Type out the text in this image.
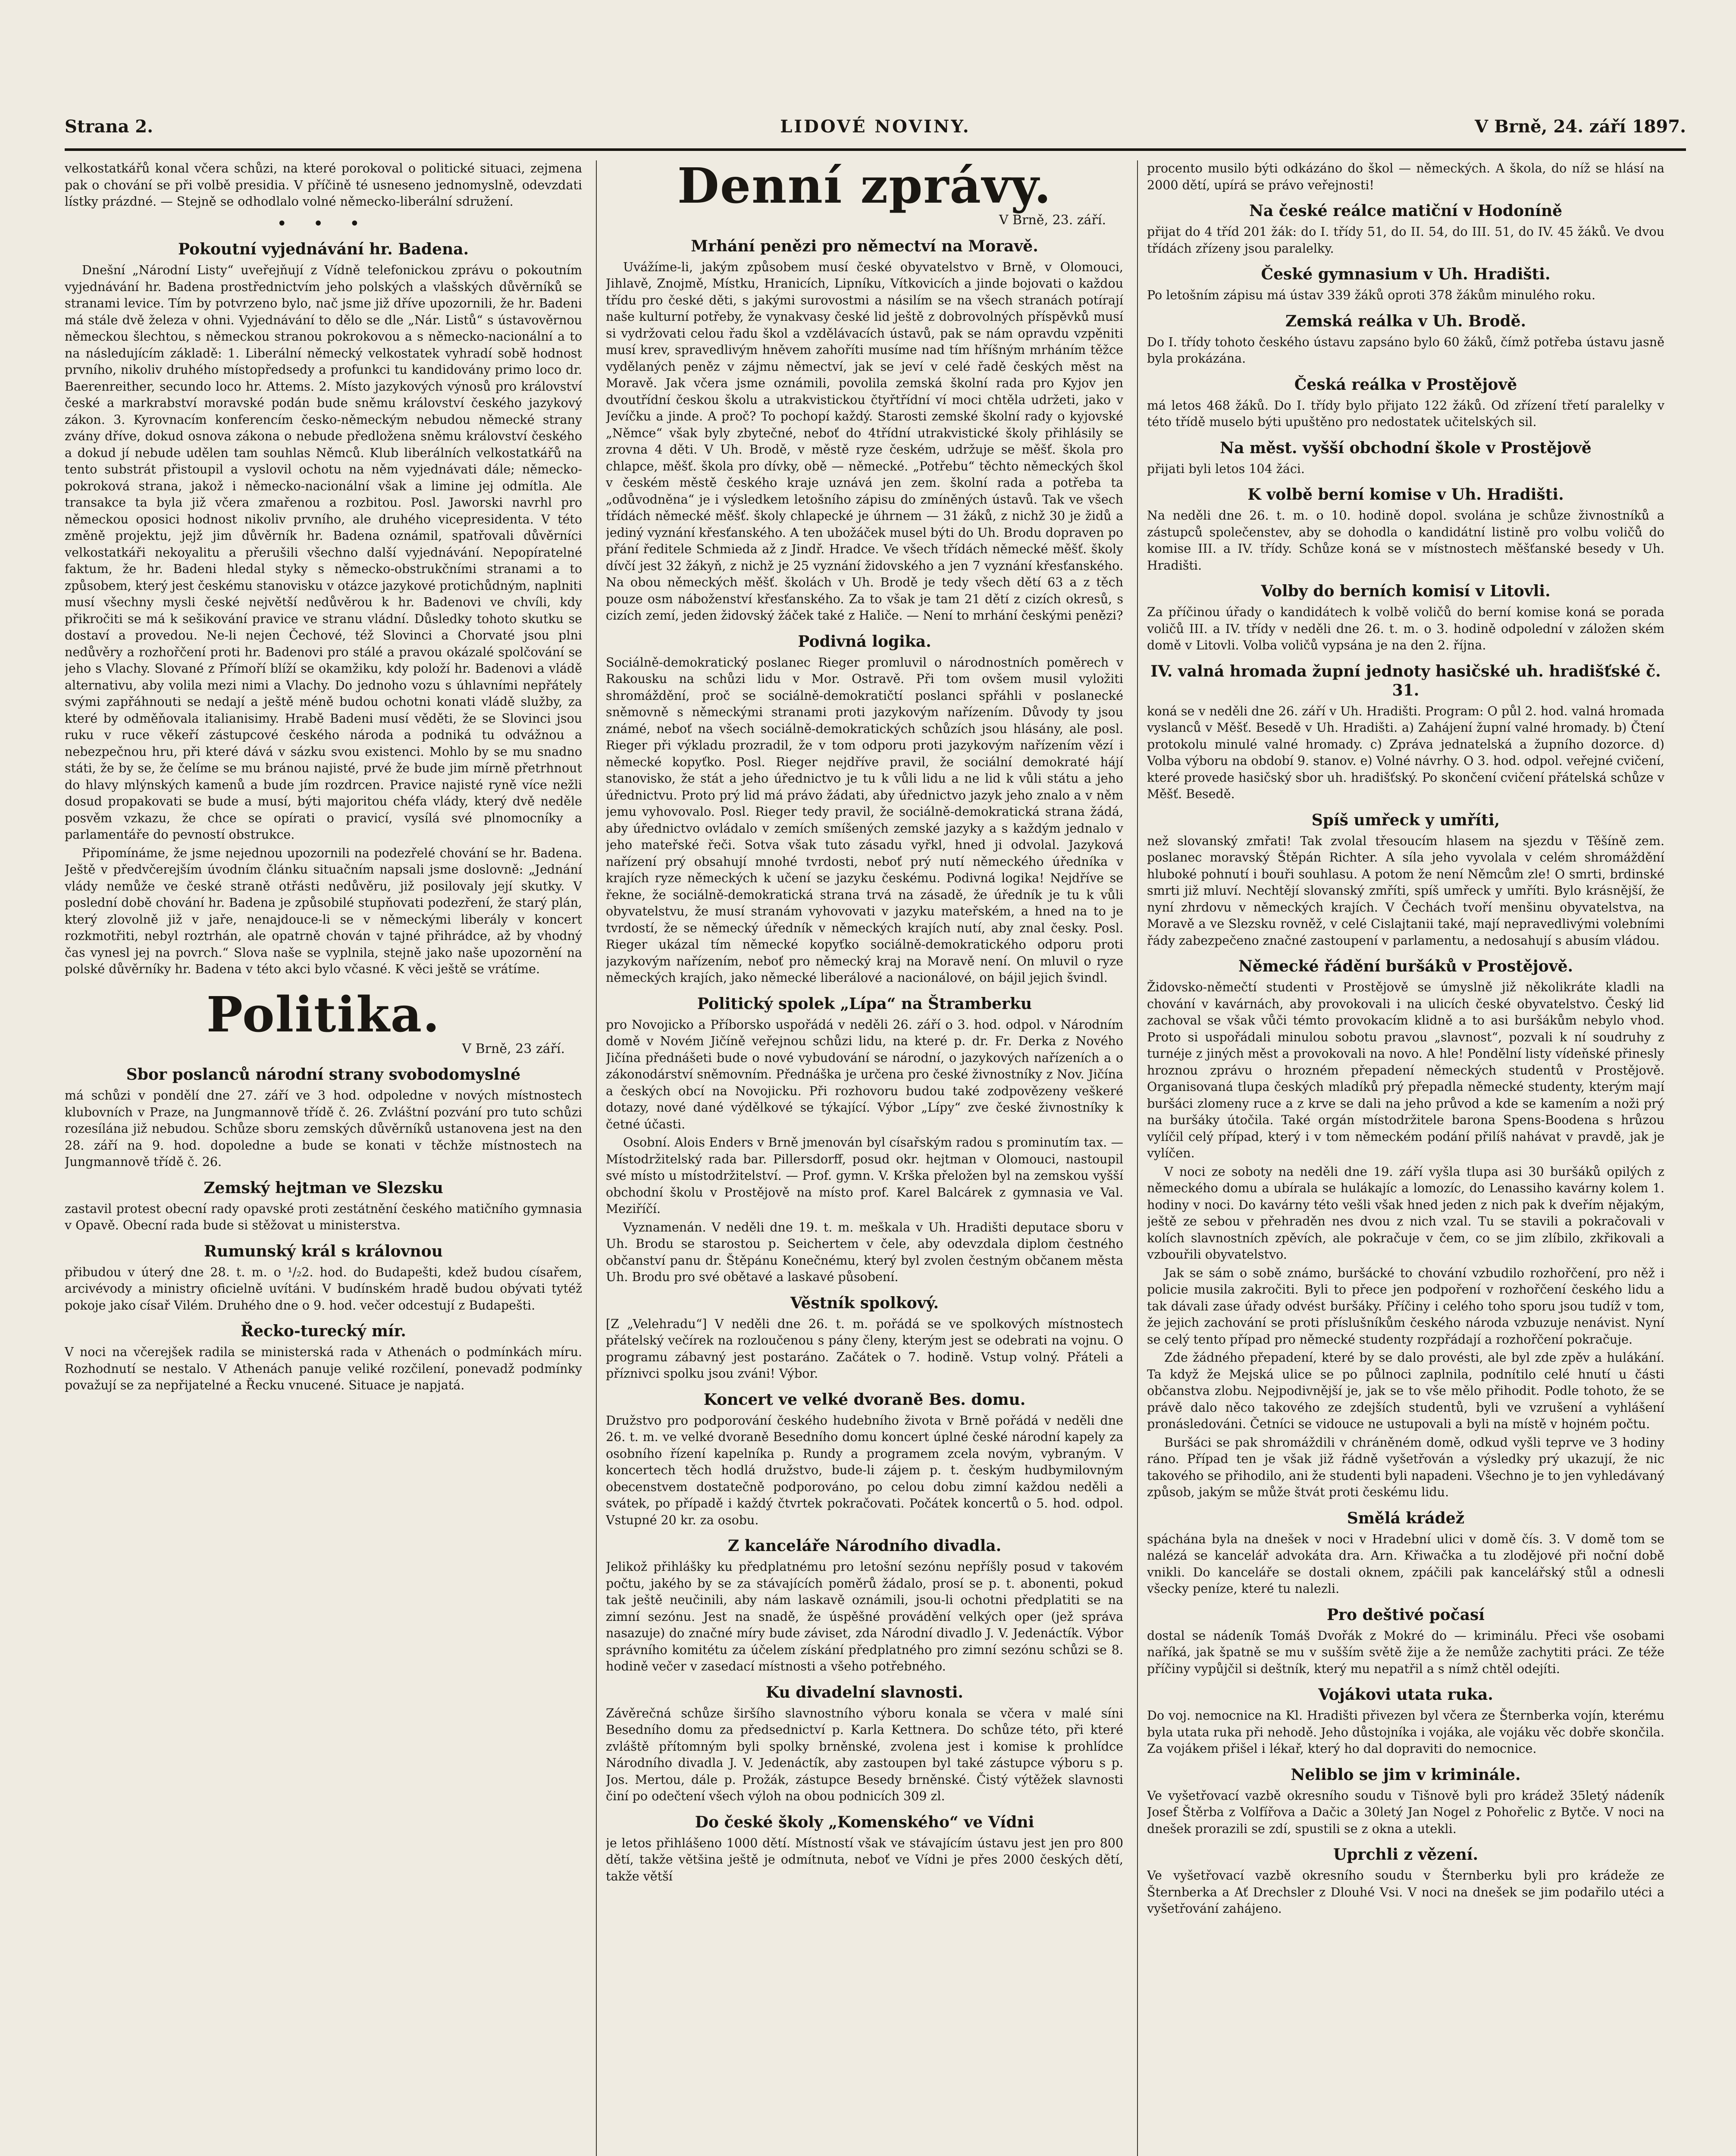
Strana 2.	LIDOVÉ NOVINY.	V Brně, 24. září 1897.

velkostatkářů konal včera schůzi, na které porokoval o politické situaci, zejmena pak o chování se při volbě presidia. V příčině té usneseno jednomyslně, odevzdati lístky prázdné. — Stejně se odhodlalo volné německo-liberální sdružení.

• • •
Pokoutní vyjednávání hr. Badena.

Dnešní „Národní Listy“ uveřejňují z Vídně telefonickou zprávu o pokoutním vyjednávání hr. Badena prostřednictvím jeho polských a vlašských důvěrníků se stranami levice. Tím by potvrzeno bylo, nač jsme již dříve upozornili, že hr. Badeni má stále dvě železa v ohni. Vyjednávání to dělo se dle „Nár. Listů“ s ústavověrnou německou šlechtou, s německou stranou pokrokovou a s německo-nacionální a to na následujícím základě: 1. Liberální německý velkostatek vyhradí sobě hodnost prvního, nikoliv druhého místopředsedy a profunkci tu kandidovány primo loco dr. Baerenreither, secundo loco hr. Attems. 2. Místo jazykových výnosů pro království české a markrabství moravské podán bude sněmu království českého jazykový zákon. 3. Kyrovnacím konferencím česko-německým nebudou německé strany zvány dříve, dokud osnova zákona o nebude předložena sněmu království českého a dokud jí nebude udělen tam souhlas Němců. Klub liberálních velkostatkářů na tento substrát přistoupil a vyslovil ochotu na něm vyjednávati dále; německo-pokroková strana, jakož i německo-nacionální však a limine jej odmítla. Ale transakce ta byla již včera zmařenou a rozbitou. Posl. Jaworski navrhl pro německou oposici hodnost nikoliv prvního, ale druhého vicepresidenta. V této změně projektu, jejž jim důvěrník hr. Badena oznámil, spatřovali důvěrníci velkostatkáři nekoyalitu a přerušili všechno další vyjednávání. Nepopíratelné faktum, že hr. Badeni hledal styky s německo-obstrukčními stranami a to způsobem, který jest českému stanovisku v otázce jazykové protichůdným, naplniti musí všechny mysli české největší nedůvěrou k hr. Badenovi ve chvíli, kdy přikročiti se má k sešikování pravice ve stranu vládní. Důsledky tohoto skutku se dostaví a provedou. Ne-li nejen Čechové, též Slovinci a Chorvaté jsou plni nedůvěry a rozhořčení proti hr. Badenovi pro stálé a pravou okázalé spolčování se jeho s Vlachy. Slované z Přímoří blíží se okamžiku, kdy položí hr. Badenovi a vládě alternativu, aby volila mezi nimi a Vlachy. Do jednoho vozu s úhlavními nepřátely svými zapřáhnouti se nedají a ještě méně budou ochotni konati vládě služby, za které by odměňovala italianisimy. Hrabě Badeni musí věděti, že se Slovinci jsou ruku v ruce věkeří zástupcové českého národa a podniká tu odvážnou a nebezpečnou hru, při které dává v sázku svou existenci. Mohlo by se mu snadno státi, že by se, že čelíme se mu bránou najisté, prvé že bude jim mírně přetrhnout do hlavy mlýnských kamenů a bude jím rozdrcen. Pravice najisté ryně více nežli dosud propakovati se bude a musí, býti majoritou chéfa vlády, který dvě neděle posvěm vzkazu, že chce se opírati o pravicí, vysílá své plnomocníky a parlamentáře do pevností obstrukce.

Připomínáme, že jsme nejednou upozornili na podezřelé chování se hr. Badena. Ještě v předvčerejším úvodním článku situačním napsali jsme doslovně: „Jednání vlády nemůže ve české straně otřásti nedůvěru, již posilovaly její skutky. V poslední době chování hr. Badena je způsobilé stupňovati podezření, že starý plán, který zlovolně již v jaře, nenajdouce-li se v německými liberály v koncert rozkmotřiti, nebyl roztrhán, ale opatrně chován v tajné přihrádce, až by vhodný čas vynesl jej na povrch.“ Slova naše se vyplnila, stejně jako naše upozornění na polské důvěrníky hr. Badena v této akci bylo včasné. K věci ještě se vrátíme.

Politika.
V Brně, 23 září.
Sbor poslanců národní strany svobodomyslné

má schůzi v pondělí dne 27. září ve 3 hod. odpoledne v nových místnostech klubovních v Praze, na Jungmannově třídě č. 26. Zvláštní pozvání pro tuto schůzi rozesílána již nebudou. Schůze sboru zemských důvěrníků ustanovena jest na den 28. září na 9. hod. dopoledne a bude se konati v těchže místnostech na Jungmannově třídě č. 26.

Zemský hejtman ve Slezsku

zastavil protest obecní rady opavské proti zestátnění českého matičního gymnasia v Opavě. Obecní rada bude si stěžovat u ministerstva.

Rumunský král s královnou

přibudou v úterý dne 28. t. m. o ¹/₂2. hod. do Budapešti, kdež budou císařem, arcivévody a ministry oficielně uvítáni. V budínském hradě budou obývati tytéž pokoje jako císař Vilém. Druhého dne o 9. hod. večer odcestují z Budapešti.

Řecko-turecký mír.

V noci na včerejšek radila se ministerská rada v Athenách o podmínkách míru. Rozhodnutí se nestalo. V Athenách panuje veliké rozčilení, ponevadž podmínky považují se za nepřijatelné a Řecku vnucené. Situace je napjatá.

Denní zprávy.
V Brně, 23. září.
Mrhání penězi pro němectví na Moravě.

Uvážíme-li, jakým způsobem musí české obyvatelstvo v Brně, v Olomouci, Jihlavě, Znojmě, Místku, Hranicích, Lipníku, Vítkovicích a jinde bojovati o každou třídu pro české děti, s jakými surovostmi a násilím se na všech stranách potírají naše kulturní potřeby, že vynakvasy české lid ještě z dobrovolných příspěvků musí si vydržovati celou řadu škol a vzdělávacích ústavů, pak se nám opravdu vzpěniti musí krev, spravedlivým hněvem zahoříti musíme nad tím hříšným mrháním těžce vydělaných peněz v zájmu němectví, jak se jeví v celé řadě českých měst na Moravě. Jak včera jsme oznámili, povolila zemská školní rada pro Kyjov jen dvoutřídní českou školu a utrakvistickou čtyřtřídní ví moci chtěla udržeti, jako v Jevíčku a jinde. A proč? To pochopí každý. Starosti zemské školní rady o kyjovské „Němce“ však byly zbytečné, neboť do 4třídní utrakvistické školy přihlásily se zrovna 4 děti. V Uh. Brodě, v městě ryze českém, udržuje se měšť. škola pro chlapce, měšť. škola pro dívky, obě — německé. „Potřebu“ těchto německých škol v českém městě českého kraje uznává jen zem. školní rada a potřeba ta „odůvodněna“ je i výsledkem letošního zápisu do zmíněných ústavů. Tak ve všech třídách německé měšť. školy chlapecké je úhrnem — 31 žáků, z nichž 30 je židů a jediný vyznání křesťanského. A ten ubožáček musel býti do Uh. Brodu dopraven po přání ředitele Schmieda až z Jindř. Hradce. Ve všech třídách německé měšť. školy dívčí jest 32 žákyň, z nichž je 25 vyznání židovského a jen 7 vyznání křesťanského. Na obou německých měšť. školách v Uh. Brodě je tedy všech dětí 63 a z těch pouze osm náboženství křesťanského. Za to však je tam 21 dětí z cizích okresů, s cizích zemí, jeden židovský žáček také z Haliče. — Není to mrhání českými penězi?

Podivná logika.

Sociálně-demokratický poslanec Rieger promluvil o národnostních poměrech v Rakousku na schůzi lidu v Mor. Ostravě. Při tom ovšem musil vyložiti shromáždění, proč se sociálně-demokratičtí poslanci spřáhli v poslanecké sněmovně s německými stranami proti jazykovým nařízením. Důvody ty jsou známé, neboť na všech sociálně-demokratických schůzích jsou hlásány, ale posl. Rieger při výkladu prozradil, že v tom odporu proti jazykovým nařízením vězí i německé kopyťko. Posl. Rieger nejdříve pravil, že sociální demokraté hájí stanovisko, že stát a jeho úřednictvo je tu k vůli lidu a ne lid k vůli státu a jeho úřednictvu. Proto prý lid má právo žádati, aby úřednictvo jazyk jeho znalo a v něm jemu vyhovovalo. Posl. Rieger tedy pravil, že sociálně-demokratická strana žádá, aby úřednictvo ovládalo v zemích smíšených zemské jazyky a s každým jednalo v jeho mateřské řeči. Sotva však tuto zásadu vyřkl, hned ji odvolal. Jazyková nařízení prý obsahují mnohé tvrdosti, neboť prý nutí německého úředníka v krajích ryze německých k učení se jazyku českému. Podivná logika! Nejdříve se řekne, že sociálně-demokratická strana trvá na zásadě, že úředník je tu k vůli obyvatelstvu, že musí stranám vyhovovati v jazyku mateřském, a hned na to je tvrdostí, že se německý úředník v německých krajích nutí, aby znal česky. Posl. Rieger ukázal tím německé kopyťko sociálně-demokratického odporu proti jazykovým nařízením, neboť pro německý kraj na Moravě není. On mluvil o ryze německých krajích, jako německé liberálové a nacionálové, on bájil jejich švindl.

Politický spolek „Lípa“ na Štramberku

pro Novojicko a Příborsko uspořádá v neděli 26. září o 3. hod. odpol. v Národním domě v Novém Jičíně veřejnou schůzi lidu, na které p. dr. Fr. Derka z Nového Jičína přednášeti bude o nové vybudování se národní, o jazykových nařízeních a o zákonodárství sněmovním. Přednáška je určena pro české živnostníky z Nov. Jičína a českých obcí na Novojicku. Při rozhovoru budou také zodpovězeny veškeré dotazy, nové dané výdělkové se týkající. Výbor „Lípy“ zve české živnostníky k četné účasti.

Osobní. Alois Enders v Brně jmenován byl císařským radou s prominutím tax. — Místodržitelský rada bar. Pillersdorff, posud okr. hejtman v Olomouci, nastoupil své místo u místodržitelství. — Prof. gymn. V. Krška přeložen byl na zemskou vyšší obchodní školu v Prostějově na místo prof. Karel Balcárek z gymnasia ve Val. Meziříčí.

Vyznamenán. V neděli dne 19. t. m. meškala v Uh. Hradišti deputace sboru v Uh. Brodu se starostou p. Seichertem v čele, aby odevzdala diplom čestného občanství panu dr. Štěpánu Konečnému, který byl zvolen čestným občanem města Uh. Brodu pro své obětavé a laskavé působení.

Věstník spolkový.

[Z „Velehradu“] V neděli dne 26. t. m. pořádá se ve spolkových místnostech přátelský večírek na rozloučenou s pány členy, kterým jest se odebrati na vojnu. O programu zábavný jest postaráno. Začátek o 7. hodině. Vstup volný. Přáteli a příznivci spolku jsou zváni! Výbor.

Koncert ve velké dvoraně Bes. domu.

Družstvo pro podporování českého hudebního života v Brně pořádá v neděli dne 26. t. m. ve velké dvoraně Besedního domu koncert úplné české národní kapely za osobního řízení kapelníka p. Rundy a programem zcela novým, vybraným. V koncertech těch hodlá družstvo, bude-li zájem p. t. českým hudbymilovným obecenstvem dostatečně podporováno, po celou dobu zimní každou neděli a svátek, po případě i každý čtvrtek pokračovati. Počátek koncertů o 5. hod. odpol. Vstupné 20 kr. za osobu.

Z kanceláře Národního divadla.

Jelikož přihlášky ku předplatnému pro letošní sezónu nepříšly posud v takovém počtu, jakého by se za stávajících poměrů žádalo, prosí se p. t. abonenti, pokud tak ještě neučinili, aby nám laskavě oznámili, jsou-li ochotni předplatiti se na zimní sezónu. Jest na snadě, že úspěšné provádění velkých oper (jež správa nasazuje) do značné míry bude záviset, zda Národní divadlo J. V. Jedenáctík. Výbor správního komitétu za účelem získání předplatného pro zimní sezónu schůzi se 8. hodině večer v zasedací místnosti a všeho potřebného.

Ku divadelní slavnosti.

Závěrečná schůze širšího slavnostního výboru konala se včera v malé síni Besedního domu za předsednictví p. Karla Kettnera. Do schůze této, při které zvláště přítomným byli spolky brněnské, zvolena jest i komise k prohlídce Národního divadla J. V. Jedenáctík, aby zastoupen byl také zástupce výboru s p. Jos. Mertou, dále p. Prožák, zástupce Besedy brněnské. Čistý výtěžek slavnosti činí po odečtení všech výloh na obou podnicích 309 zl.

Do české školy „Komenského“ ve Vídni

je letos přihlášeno 1000 dětí. Místností však ve stávajícím ústavu jest jen pro 800 dětí, takže většina ještě je odmítnuta, neboť ve Vídni je přes 2000 českých dětí, takže větší

procento musilo býti odkázáno do škol — německých. A škola, do níž se hlásí na 2000 dětí, upírá se právo veřejnosti!

Na české reálce matiční v Hodoníně

přijat do 4 tříd 201 žák: do I. třídy 51, do II. 54, do III. 51, do IV. 45 žáků. Ve dvou třídách zřízeny jsou paralelky.

České gymnasium v Uh. Hradišti.

Po letošním zápisu má ústav 339 žáků oproti 378 žákům minulého roku.

Zemská reálka v Uh. Brodě.

Do I. třídy tohoto českého ústavu zapsáno bylo 60 žáků, čímž potřeba ústavu jasně byla prokázána.

Česká reálka v Prostějově

má letos 468 žáků. Do I. třídy bylo přijato 122 žáků. Od zřízení třetí paralelky v této třídě muselo býti upuštěno pro nedostatek učitelských sil.

Na měst. vyšší obchodní škole v Prostějově

přijati byli letos 104 žáci.

K volbě berní komise v Uh. Hradišti.

Na neděli dne 26. t. m. o 10. hodině dopol. svolána je schůze živnostníků a zástupců společenstev, aby se dohodla o kandidátní listině pro volbu voličů do komise III. a IV. třídy. Schůze koná se v místnostech měšťanské besedy v Uh. Hradišti.

Volby do berních komisí v Litovli.

Za příčinou úřady o kandidátech k volbě voličů do berní komise koná se porada voličů III. a IV. třídy v neděli dne 26. t. m. o 3. hodině odpolední v záložen ském domě v Litovli. Volba voličů vypsána je na den 2. října.

IV. valná hromada župní jednoty hasičské uh. hradišťské č. 31.

koná se v neděli dne 26. září v Uh. Hradišti. Program: O půl 2. hod. valná hromada vyslanců v Měšť. Besedě v Uh. Hradišti. a) Zahájení župní valné hromady. b) Čtení protokolu minulé valné hromady. c) Zpráva jednatelská a župního dozorce. d) Volba výboru na období 9. stanov. e) Volné návrhy. O 3. hod. odpol. veřejné cvičení, které provede hasičský sbor uh. hradišťský. Po skončení cvičení přátelská schůze v Měšť. Besedě.

Spíš umřeck y umříti,

než slovanský zmřati! Tak zvolal třesoucím hlasem na sjezdu v Těšíně zem. poslanec moravský Štěpán Richter. A síla jeho vyvolala v celém shromáždění hluboké pohnutí i bouři souhlasu. A potom že není Němcům zle! O smrti, brdinské smrti již mluví. Nechtějí slovanský zmříti, spíš umřeck y umříti. Bylo krásnější, že nyní zhrdovu v německých krajích. V Čechách tvoří menšinu obyvatelstva, na Moravě a ve Slezsku rovněž, v celé Cislajtanii také, mají nepravedlivými volebními řády zabezpečeno značné zastoupení v parlamentu, a nedosahují s abusím vládou.

Německé řádění buršáků v Prostějově.

Židovsko-němečtí studenti v Prostějově se úmyslně již několikráte kladli na chování v kavárnách, aby provokovali i na ulicích české obyvatelstvo. Český lid zachoval se však vůči témto provokacím klidně a to asi buršákům nebylo vhod. Proto si uspořádali minulou sobotu pravou „slavnost“, pozvali k ní soudruhy z turnéje z jiných měst a provokovali na novo. A hle! Pondělní listy vídeňské přinesly hroznou zprávu o hrozném přepadení německých studentů v Prostějově. Organisovaná tlupa českých mladíků prý přepadla německé studenty, kterým mají buršáci zlomeny ruce a z krve se dali na jeho průvod a kde se kamením a noži prý na buršáky útočila. Také orgán místodržitele barona Spens-Boodena s hrůzou vylíčil celý případ, který i v tom německém podání přilíš nahávat v pravdě, jak je vylíčen.

V noci ze soboty na neděli dne 19. září vyšla tlupa asi 30 buršáků opilých z německého domu a ubírala se hulákajíc a lomozíc, do Lenassiho kavárny kolem 1. hodiny v noci. Do kavárny této vešli však hned jeden z nich pak k dveřím nějakým, ještě ze sebou v přehraděn nes dvou z nich vzal. Tu se stavili a pokračovali v kolích slavnostních zpěvích, ale pokračuje v čem, co se jim zlíbilo, zkřikovali a vzbouřili obyvatelstvo.

Jak se sám o sobě známo, buršácké to chování vzbudilo rozhořčení, pro něž i policie musila zakročiti. Byli to přece jen podpoření v rozhořčení českého lidu a tak dávali zase úřady odvést buršáky. Příčiny i celého toho sporu jsou tudíž v tom, že jejich zachování se proti příslušníkům českého národa vzbuzuje nenávist. Nyní se celý tento případ pro německé studenty rozpřádají a rozhořčení pokračuje.

Zde žádného přepadení, které by se dalo provésti, ale byl zde zpěv a hulákání. Ta když že Mejská ulice se po půlnoci zaplnila, podnítilo celé hnutí u části občanstva zlobu. Nejpodivnější je, jak se to vše mělo přihodit. Podle tohoto, že se právě dalo něco takového ze zdejších studentů, byli ve vzrušení a vyhlášení pronásledováni. Četníci se vidouce ne ustupovali a byli na místě v hojném počtu.

Buršáci se pak shromáždili v chráněném domě, odkud vyšli teprve ve 3 hodiny ráno. Případ ten je však již řádně vyšetřován a výsledky prý ukazují, že nic takového se přihodilo, ani že studenti byli napadeni. Všechno je to jen vyhledávaný způsob, jakým se může štvát proti českému lidu.

Smělá krádež

spáchána byla na dnešek v noci v Hradební ulici v domě čís. 3. V domě tom se nalézá se kancelář advokáta dra. Arn. Křiwačka a tu zlodějové při noční době vnikli. Do kanceláře se dostali oknem, zpáčili pak kancelářský stůl a odnesli všecky peníze, které tu nalezli.

Pro deštivé počasí

dostal se nádeník Tomáš Dvořák z Mokré do — kriminálu. Přeci vše osobami naříká, jak špatně se mu v sušším světě žije a že nemůže zachytiti práci. Ze téže příčiny vypůjčil si deštník, který mu nepatřil a s nímž chtěl odejíti.

Vojákovi utata ruka.

Do voj. nemocnice na Kl. Hradišti přivezen byl včera ze Šternberka vojín, kterému byla utata ruka při nehodě. Jeho důstojníka i vojáka, ale vojáku věc dobře skončila. Za vojákem přišel i lékař, který ho dal dopraviti do nemocnice.

Neliblo se jim v kriminále.

Ve vyšetřovací vazbě okresního soudu v Tišnově byli pro krádež 35letý nádeník Josef Štěrba z Volfířova a Dačic a 30letý Jan Nogel z Pohořelic z Bytče. V noci na dnešek prorazili se zdí, spustili se z okna a utekli.

Uprchli z vězení.

Ve vyšetřovací vazbě okresního soudu v Šternberku byli pro krádeže ze Šternberka a Ať Drechsler z Dlouhé Vsi. V noci na dnešek se jim podařilo utéci a vyšetřování zahájeno.
